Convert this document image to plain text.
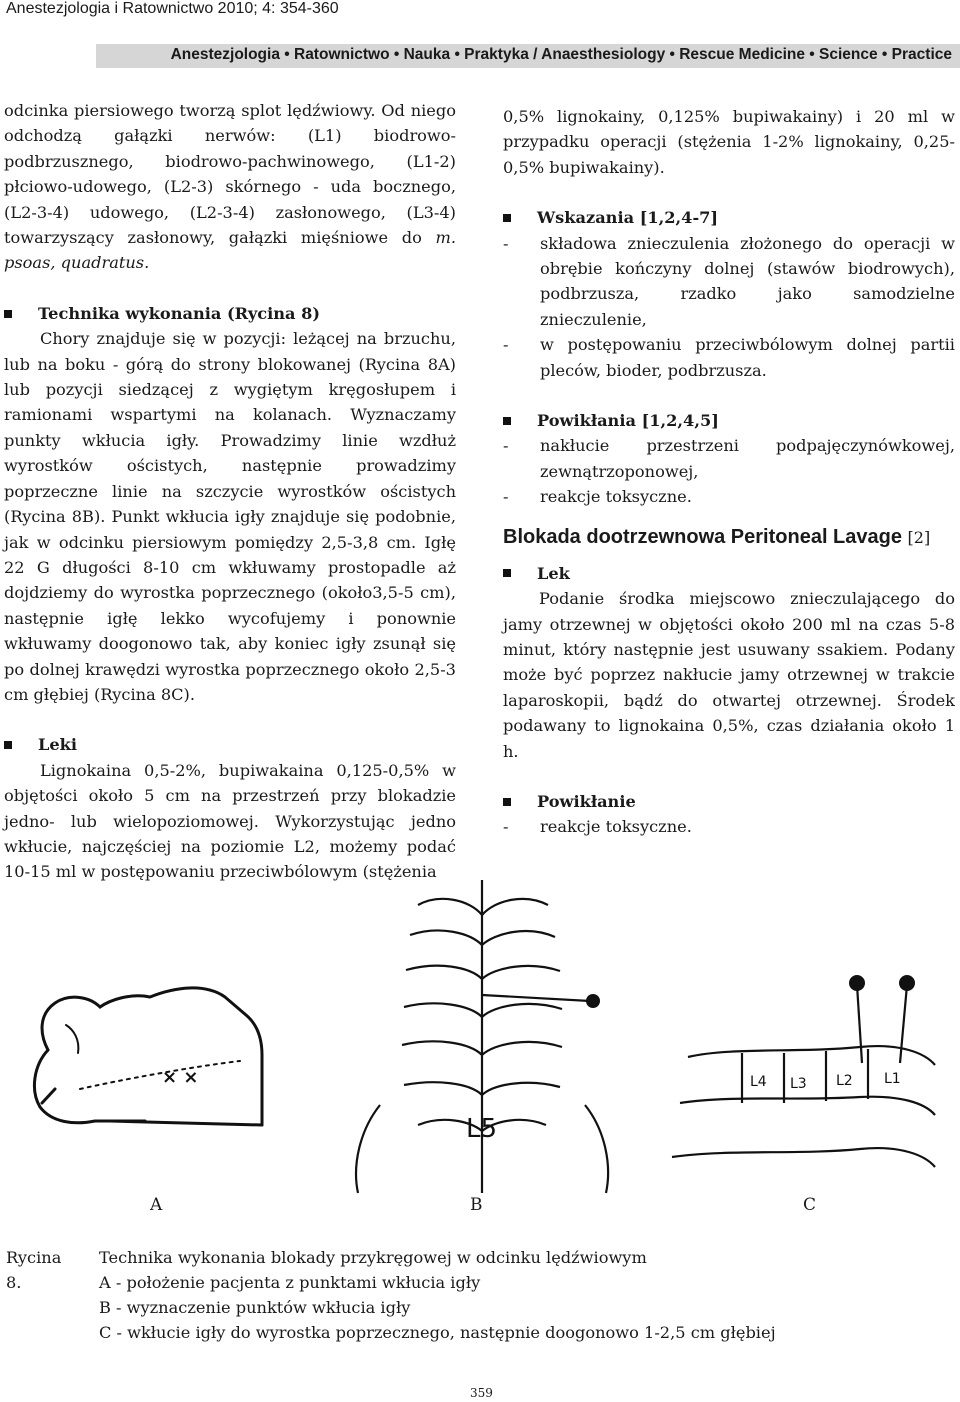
Anestezjologia i Ratownictwo 2010; 4: 354-360
Anestezjologia • Ratownictwo • Nauka • Praktyka / Anaesthesiology • Rescue Medicine • Science • Practice

odcinka piersiowego tworzą splot lędźwiowy. Od niego odchodzą gałązki nerwów: (L1) biodrowo-podbrzusznego, biodrowo-pachwinowego, (L1-2) płciowo-udowego, (L2-3) skórnego - uda bocznego, (L2-3-4) udowego, (L2-3-4) zasłonowego, (L3-4) towarzyszący zasłonowy, gałązki mięśniowe do m. psoas, quadratus.

Technika wykonania (Rycina 8)

Chory znajduje się w pozycji: leżącej na brzuchu, lub na boku - górą do strony blokowanej (Rycina 8A) lub pozycji siedzącej z wygiętym kręgosłupem i ramionami wspartymi na kolanach. Wyznaczamy punkty wkłucia igły. Prowadzimy linie wzdłuż wyrostków ościstych, następnie prowadzimy poprzeczne linie na szczycie wyrostków ościstych (Rycina 8B). Punkt wkłucia igły znajduje się podobnie, jak w odcinku piersiowym pomiędzy 2,5-3,8 cm. Igłę 22 G długości 8-10 cm wkłuwamy prostopadle aż dojdziemy do wyrostka poprzecznego (około3,5-5 cm), następnie igłę lekko wycofujemy i ponownie wkłuwamy doogonowo tak, aby koniec igły zsunął się po dolnej krawędzi wyrostka poprzecznego około 2,5-3 cm głębiej (Rycina 8C).

Leki

Lignokaina 0,5-2%, bupiwakaina 0,125-0,5% w objętości około 5 cm na przestrzeń przy blokadzie jedno- lub wielopoziomowej. Wykorzystując jedno wkłucie, najczęściej na poziomie L2, możemy podać 10-15 ml w postępowaniu przeciwbólowym (stężenia

0,5% lignokainy, 0,125% bupiwakainy) i 20 ml w przypadku operacji (stężenia 1-2% lignokainy, 0,25-0,5% bupiwakainy).

Wskazania [1,2,4-7]
-	składowa znieczulenia złożonego do operacji w obrębie kończyny dolnej (stawów biodrowych), podbrzusza, rzadko jako samodzielne znieczulenie,
-	w postępowaniu przeciwbólowym dolnej partii pleców, bioder, podbrzusza.
Powikłania [1,2,4,5]
-	nakłucie przestrzeni podpajęczynówkowej, zewnątrzoponowej,
-	reakcje toksyczne.
Blokada dootrzewnowa Peritoneal Lavage [2]
Lek

Podanie środka miejscowo znieczulającego do jamy otrzewnej w objętości około 200 ml na czas 5-8 minut, który następnie jest usuwany ssakiem. Podany może być poprzez nakłucie jamy otrzewnej w trakcie laparoskopii, bądź do otwartej otrzewnej. Środek podawany to lignokaina 0,5%, czas działania około 1 h.

Powikłanie
-	reakcje toksyczne.
× ×
L5
L4 L3 L2 L1
A	B	C
Rycina 8.
Technika wykonania blokady przykręgowej w odcinku lędźwiowym
A - położenie pacjenta z punktami wkłucia igły
B - wyznaczenie punktów wkłucia igły
C - wkłucie igły do wyrostka poprzecznego, następnie doogonowo 1-2,5 cm głębiej
359
